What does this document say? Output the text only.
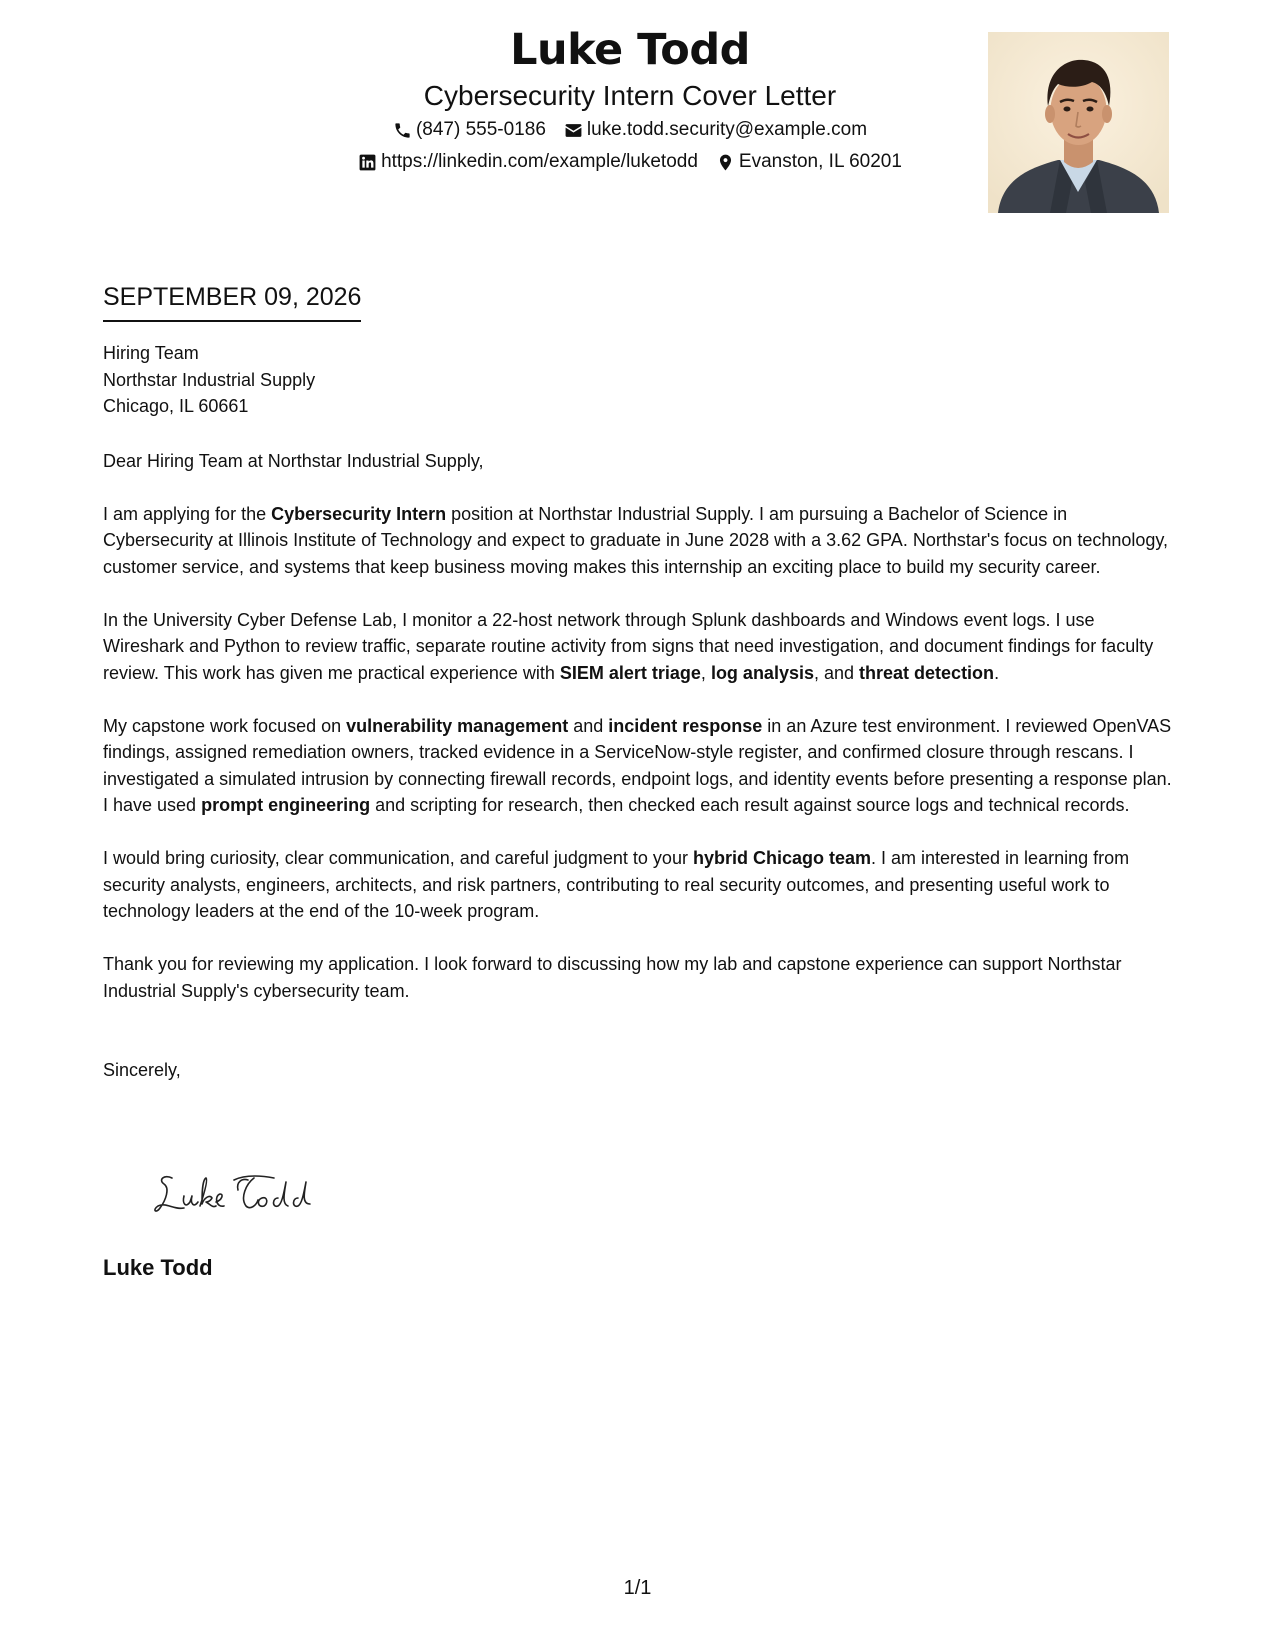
Luke Todd
Cybersecurity Intern Cover Letter
(847) 555-0186 luke.todd.security@example.com
https://linkedin.com/example/luketodd Evanston, IL 60201
SEPTEMBER 09, 2026
Hiring Team
Northstar Industrial Supply
Chicago, IL 60661

Dear Hiring Team at Northstar Industrial Supply,

I am applying for the Cybersecurity Intern position at Northstar Industrial Supply. I am pursuing a Bachelor of Science in Cybersecurity at Illinois Institute of Technology and expect to graduate in June 2028 with a 3.62 GPA. Northstar's focus on technology, customer service, and systems that keep business moving makes this internship an exciting place to build my security career.

In the University Cyber Defense Lab, I monitor a 22-host network through Splunk dashboards and Windows event logs. I use Wireshark and Python to review traffic, separate routine activity from signs that need investigation, and document findings for faculty review. This work has given me practical experience with SIEM alert triage, log analysis, and threat detection.

My capstone work focused on vulnerability management and incident response in an Azure test environment. I reviewed OpenVAS findings, assigned remediation owners, tracked evidence in a ServiceNow-style register, and confirmed closure through rescans. I investigated a simulated intrusion by connecting firewall records, endpoint logs, and identity events before presenting a response plan. I have used prompt engineering and scripting for research, then checked each result against source logs and technical records.

I would bring curiosity, clear communication, and careful judgment to your hybrid Chicago team. I am interested in learning from security analysts, engineers, architects, and risk partners, contributing to real security outcomes, and presenting useful work to technology leaders at the end of the 10-week program.

Thank you for reviewing my application. I look forward to discussing how my lab and capstone experience can support Northstar Industrial Supply's cybersecurity team.

Sincerely,

Luke Todd
1/1
